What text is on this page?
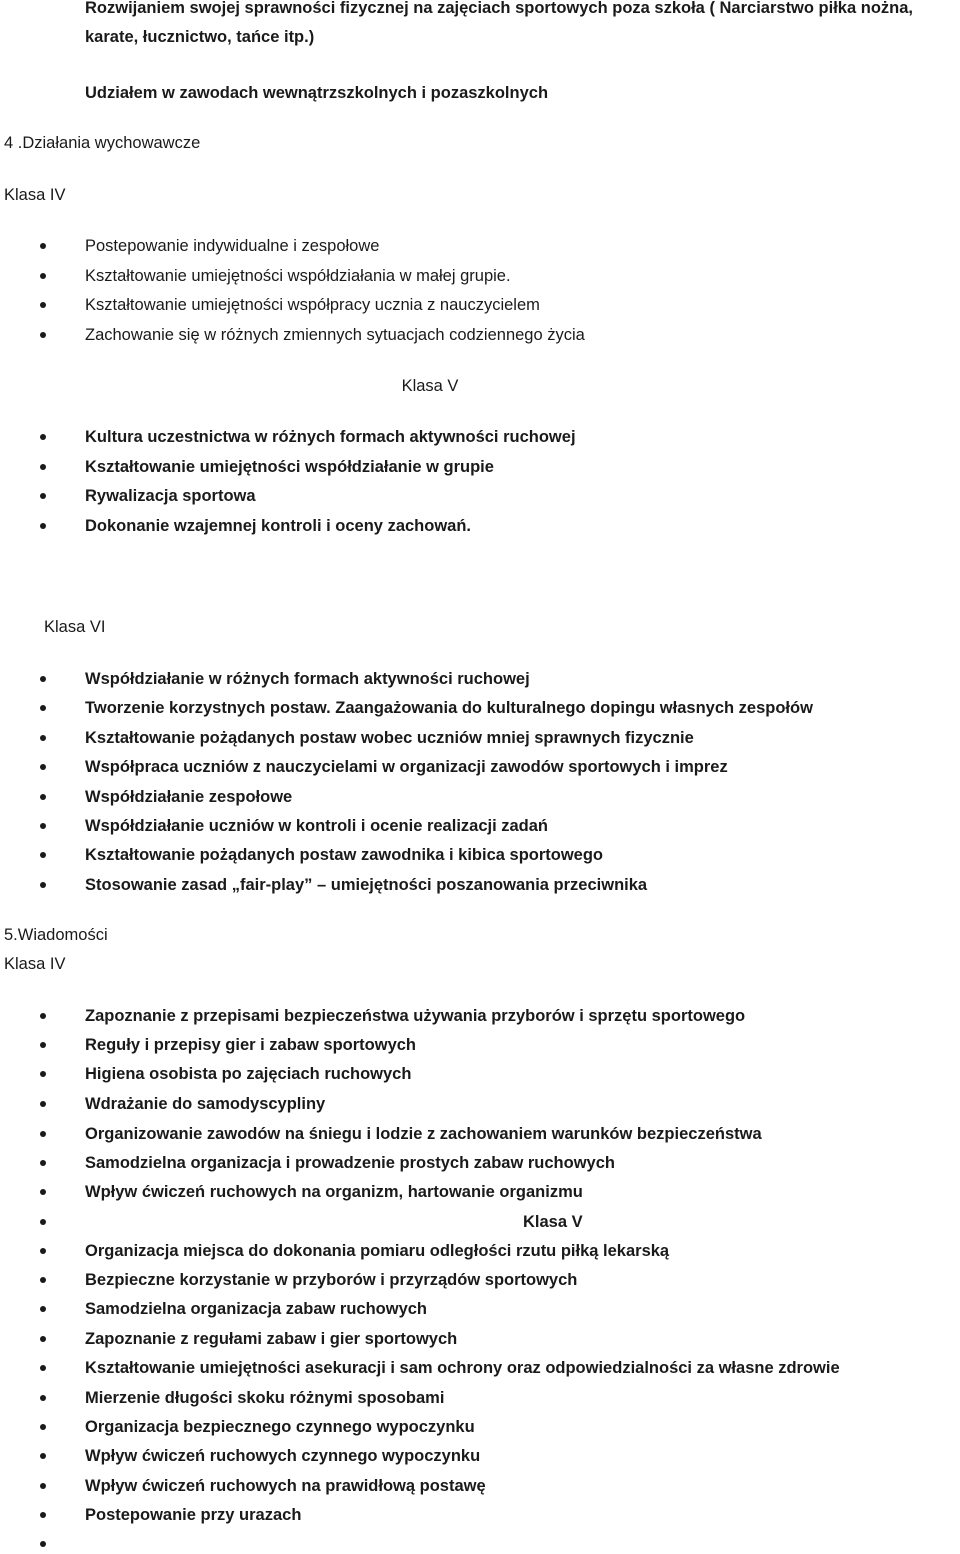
Rozwijaniem swojej sprawności fizycznej na zajęciach sportowych poza szkoła ( Narciarstwo piłka nożna,
karate, łucznictwo, tańce itp.)
Udziałem w zawodach wewnątrzszkolnych i pozaszkolnych
4 .Działania wychowawcze
Klasa IV
Postepowanie indywidualne i zespołowe
Kształtowanie umiejętności współdziałania w małej grupie.
Kształtowanie umiejętności współpracy ucznia z nauczycielem
Zachowanie się w różnych zmiennych sytuacjach codziennego życia
Klasa V
Kultura uczestnictwa w różnych formach aktywności ruchowej
Kształtowanie umiejętności współdziałanie w grupie
Rywalizacja sportowa
Dokonanie wzajemnej kontroli i oceny zachowań.
Klasa VI
Współdziałanie w różnych formach aktywności ruchowej
Tworzenie korzystnych postaw. Zaangażowania do kulturalnego dopingu własnych zespołów
Kształtowanie pożądanych postaw wobec uczniów mniej sprawnych fizycznie
Współpraca uczniów z nauczycielami w organizacji zawodów sportowych i imprez
Współdziałanie zespołowe
Współdziałanie uczniów w kontroli i ocenie realizacji zadań
Kształtowanie pożądanych postaw zawodnika i kibica sportowego
Stosowanie zasad „fair-play” – umiejętności poszanowania przeciwnika
5.Wiadomości
Klasa IV
Zapoznanie z przepisami bezpieczeństwa używania przyborów i sprzętu sportowego
Reguły i przepisy gier i zabaw sportowych
Higiena osobista po zajęciach ruchowych
Wdrażanie do samodyscypliny
Organizowanie zawodów na śniegu i lodzie z zachowaniem warunków bezpieczeństwa
Samodzielna organizacja i prowadzenie prostych zabaw ruchowych
Wpływ ćwiczeń ruchowych na organizm, hartowanie organizmu
Klasa V
Organizacja miejsca do dokonania pomiaru odległości rzutu piłką lekarską
Bezpieczne korzystanie w przyborów i przyrządów sportowych
Samodzielna organizacja zabaw ruchowych
Zapoznanie z regułami zabaw i gier sportowych
Kształtowanie umiejętności asekuracji i sam ochrony oraz odpowiedzialności za własne zdrowie
Mierzenie długości skoku różnymi sposobami
Organizacja bezpiecznego czynnego wypoczynku
Wpływ ćwiczeń ruchowych czynnego wypoczynku
Wpływ ćwiczeń ruchowych na prawidłową postawę
Postepowanie przy urazach
